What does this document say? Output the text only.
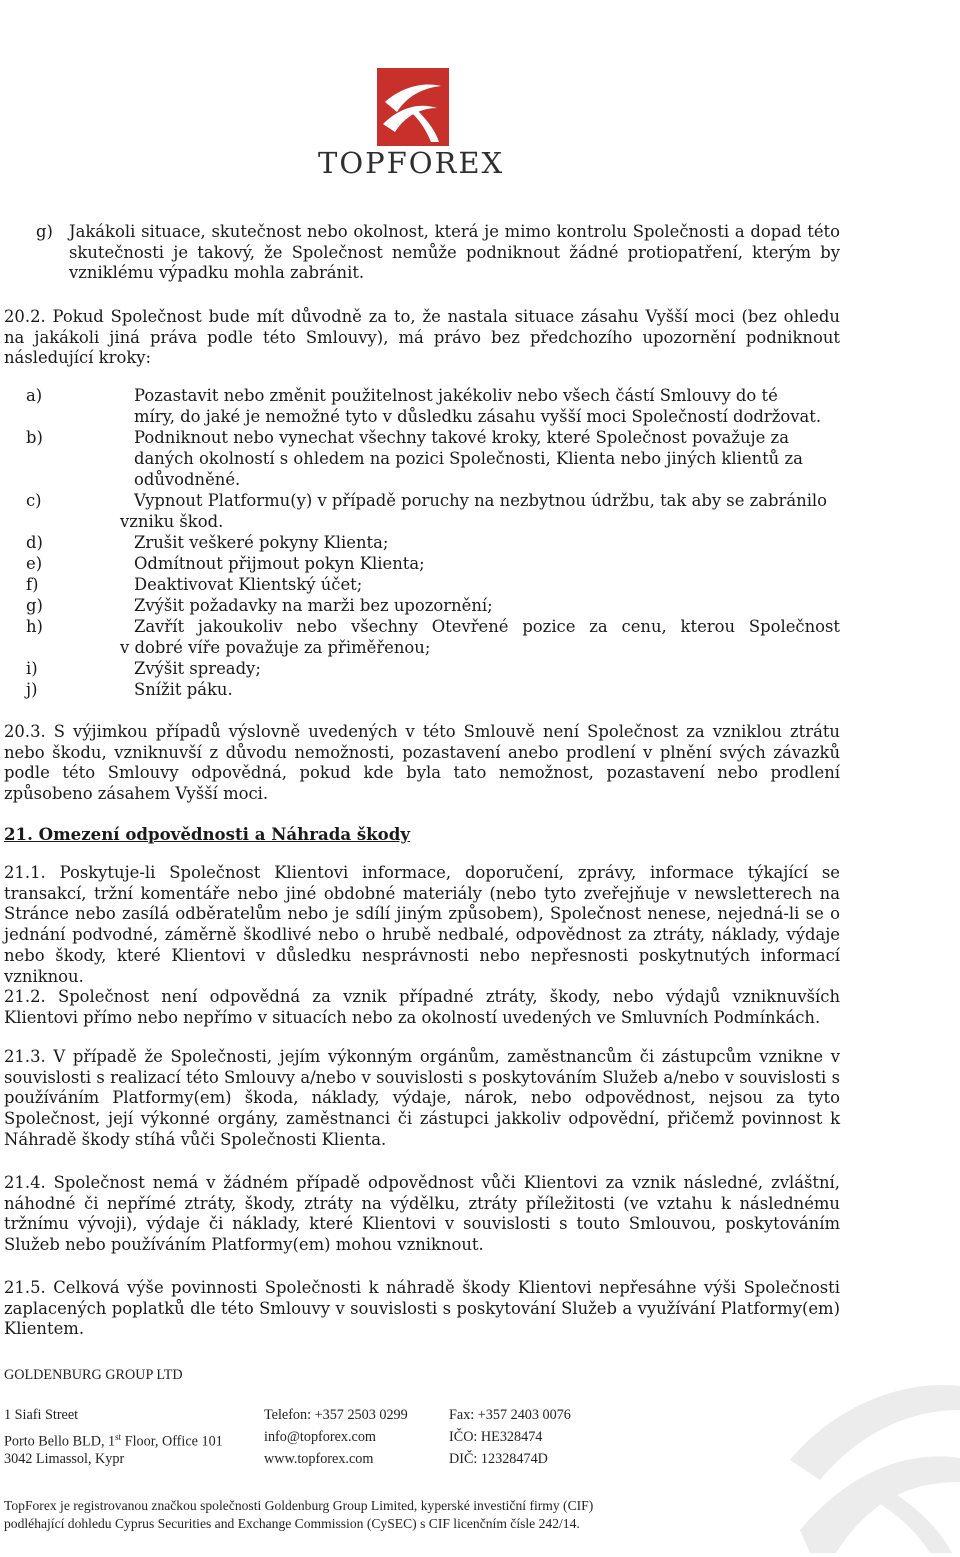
TOPFOREX
g) Jakákoli situace, skutečnost nebo okolnost, která je mimo kontrolu Společnosti a dopad této skutečnosti je takový, že Společnost nemůže podniknout žádné protiopatření, kterým by vzniklému výpadku mohla zabránit.
20.2. Pokud Společnost bude mít důvodně za to, že nastala situace zásahu Vyšší moci (bez ohledu na jakákoli jiná práva podle této Smlouvy), má právo bez předchozího upozornění podniknout následující kroky:
a)	Pozastavit nebo změnit použitelnost jakékoliv nebo všech částí Smlouvy do té
míry, do jaké je nemožné tyto v důsledku zásahu vyšší moci Společností dodržovat.
b)	Podniknout nebo vynechat všechny takové kroky, které Společnost považuje za
daných okolností s ohledem na pozici Společnosti, Klienta nebo jiných klientů za
odůvodněné.
c)	Vypnout Platformu(y) v případě poruchy na nezbytnou údržbu, tak aby se zabránilo
vzniku škod.
d)	Zrušit veškeré pokyny Klienta;
e)	Odmítnout přijmout pokyn Klienta;
f)	Deaktivovat Klientský účet;
g)	Zvýšit požadavky na marži bez upozornění;
h)	Zavřít jakoukoliv nebo všechny Otevřené pozice za cenu, kterou Společnost
v dobré víře považuje za přiměřenou;
i)	Zvýšit spready;
j)	Snížit páku.
20.3. S výjimkou případů výslovně uvedených v této Smlouvě není Společnost za vzniklou ztrátu nebo škodu, vzniknuvší z důvodu nemožnosti, pozastavení anebo prodlení v plnění svých závazků podle této Smlouvy odpovědná, pokud kde byla tato nemožnost, pozastavení nebo prodlení způsobeno zásahem Vyšší moci.
21. Omezení odpovědnosti a Náhrada škody
21.1. Poskytuje-li Společnost Klientovi informace, doporučení, zprávy, informace týkající se transakcí, tržní komentáře nebo jiné obdobné materiály (nebo tyto zveřejňuje v newsletterech na Stránce nebo zasílá odběratelům nebo je sdílí jiným způsobem), Společnost nenese, nejedná-li se o jednání podvodné, záměrně škodlivé nebo o hrubě nedbalé, odpovědnost za ztráty, náklady, výdaje nebo škody, které Klientovi v důsledku nesprávnosti nebo nepřesnosti poskytnutých informací vzniknou.
21.2. Společnost není odpovědná za vznik případné ztráty, škody, nebo výdajů vzniknuvších Klientovi přímo nebo nepřímo v situacích nebo za okolností uvedených ve Smluvních Podmínkách.
21.3. V případě že Společnosti, jejím výkonným orgánům, zaměstnancům či zástupcům vznikne v souvislosti s realizací této Smlouvy a/nebo v souvislosti s poskytováním Služeb a/nebo v souvislosti s používáním Platformy(em) škoda, náklady, výdaje, nárok, nebo odpovědnost, nejsou za tyto Společnost, její výkonné orgány, zaměstnanci či zástupci jakkoliv odpovědní, přičemž povinnost k Náhradě škody stíhá vůči Společnosti Klienta.
21.4. Společnost nemá v žádném případě odpovědnost vůči Klientovi za vznik následné, zvláštní, náhodné či nepřímé ztráty, škody, ztráty na výdělku, ztráty příležitosti (ve vztahu k následnému tržnímu vývoji), výdaje či náklady, které Klientovi v souvislosti s touto Smlouvou, poskytováním Služeb nebo používáním Platformy(em) mohou vzniknout.
21.5. Celková výše povinnosti Společnosti k náhradě škody Klientovi nepřesáhne výši Společnosti zaplacených poplatků dle této Smlouvy v souvislosti s poskytování Služeb a využívání Platformy(em) Klientem.
GOLDENBURG GROUP LTD
1 Siafi Street
Porto Bello BLD, 1st Floor, Office 101
3042 Limassol, Kypr
Telefon: +357 2503 0299
info@topforex.com
www.topforex.com
Fax: +357 2403 0076
IČO: HE328474
DIČ: 12328474D
TopForex je registrovanou značkou společnosti Goldenburg Group Limited, kyperské investiční firmy (CIF)
podléhající dohledu Cyprus Securities and Exchange Commission (CySEC) s CIF licenčním čísle 242/14.
